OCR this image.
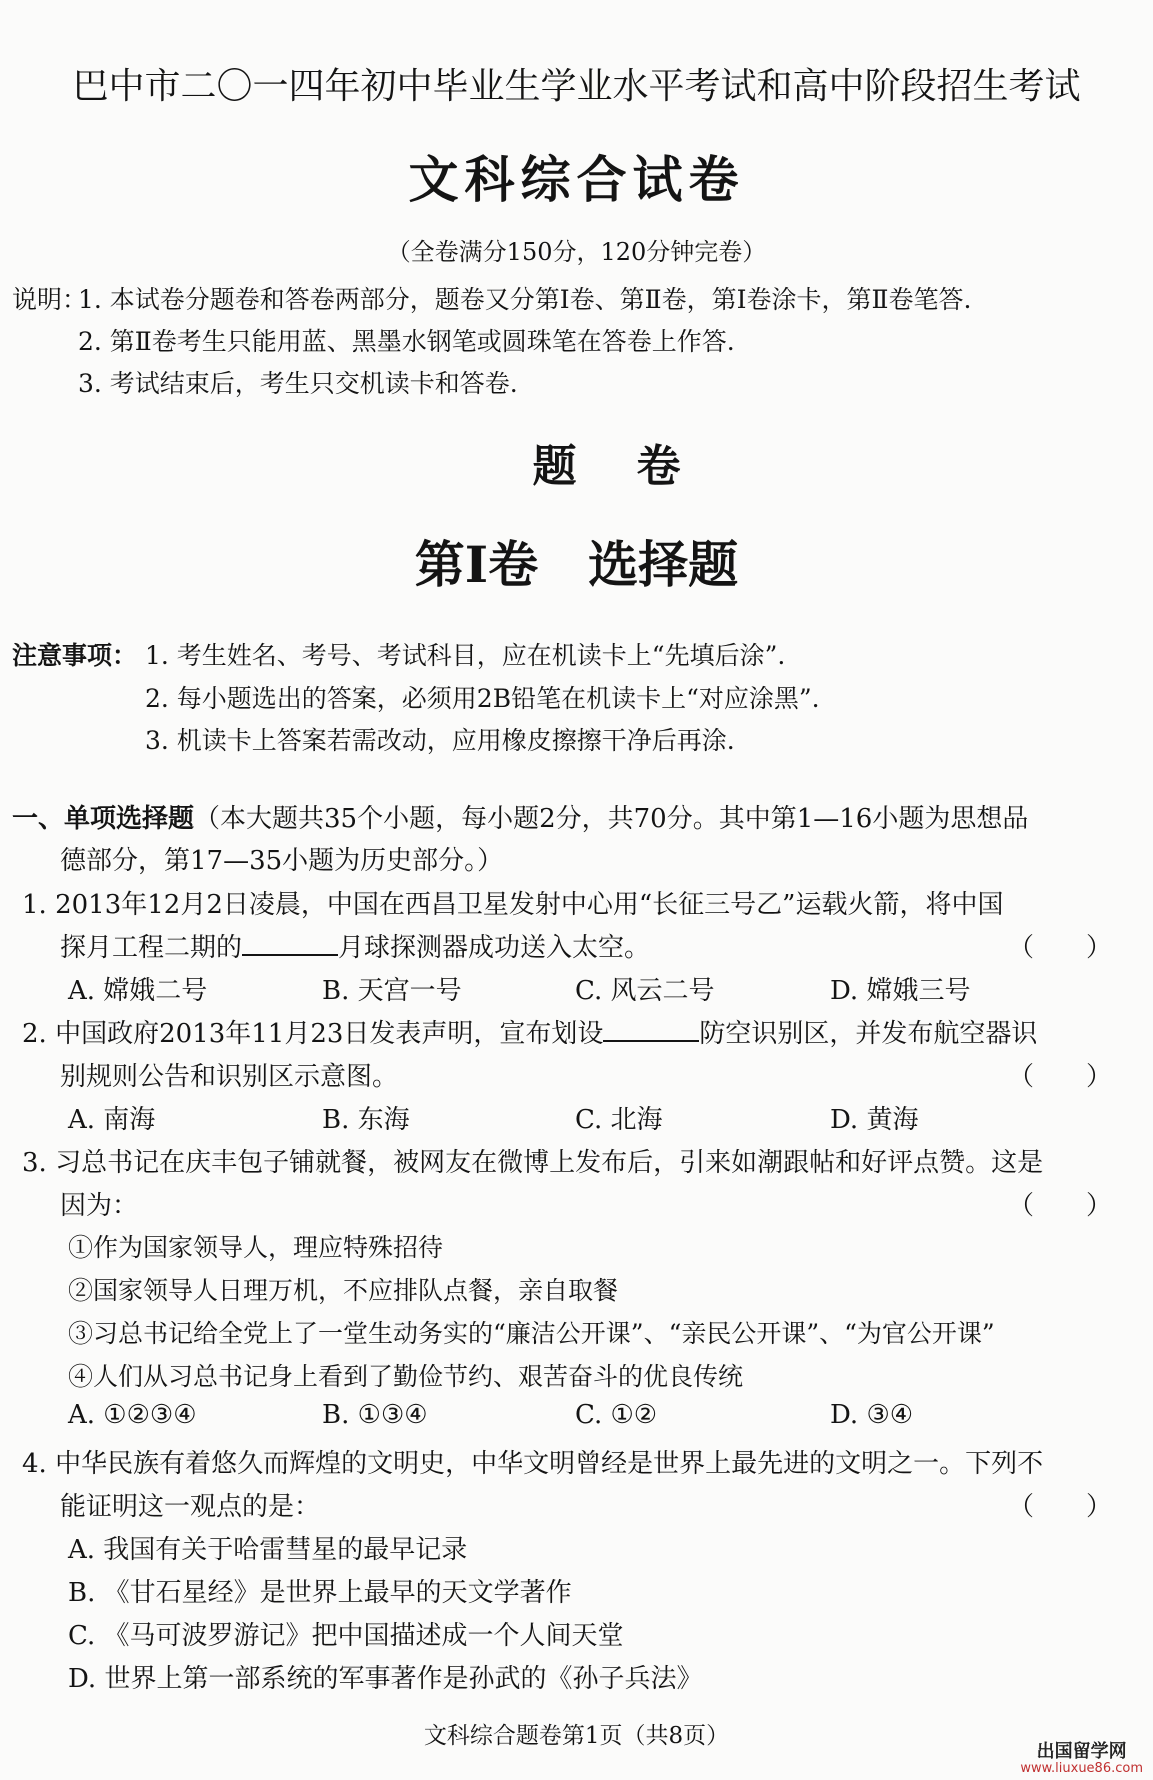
巴中市二〇一四年初中毕业生学业水平考试和高中阶段招生考试
文科综合试卷
（全卷满分150分，120分钟完卷）
说明：
1. 本试卷分题卷和答卷两部分，题卷又分第Ⅰ卷、第Ⅱ卷，第Ⅰ卷涂卡，第Ⅱ卷笔答.
2. 第Ⅱ卷考生只能用蓝、黑墨水钢笔或圆珠笔在答卷上作答.
3. 考试结束后，考生只交机读卡和答卷.
题卷
第Ⅰ卷　选择题
注意事项： 1. 考生姓名、考号、考试科目，应在机读卡上“先填后涂”.
2. 每小题选出的答案，必须用2B铅笔在机读卡上“对应涂黑”.
3. 机读卡上答案若需改动，应用橡皮擦擦干净后再涂.
一、单项选择题（本大题共35个小题，每小题2分，共70分。其中第1—16小题为思想品
德部分，第17—35小题为历史部分。）
1. 2013年12月2日凌晨，中国在西昌卫星发射中心用“长征三号乙”运载火箭，将中国
探月工程二期的	月球探测器成功送入太空。	（　　）
A. 嫦娥二号	B. 天宫一号	C. 风云二号	D. 嫦娥三号
2. 中国政府2013年11月23日发表声明，宣布划设	防空识别区，并发布航空器识
别规则公告和识别区示意图。	（　　）
A. 南海	B. 东海	C. 北海	D. 黄海
3. 习总书记在庆丰包子铺就餐，被网友在微博上发布后，引来如潮跟帖和好评点赞。这是
因为：	（　　）
①作为国家领导人，理应特殊招待
②国家领导人日理万机，不应排队点餐，亲自取餐
③习总书记给全党上了一堂生动务实的“廉洁公开课”、“亲民公开课”、“为官公开课”
④人们从习总书记身上看到了勤俭节约、艰苦奋斗的优良传统
A. ①②③④	B. ①③④	C. ①②	D. ③④
4. 中华民族有着悠久而辉煌的文明史，中华文明曾经是世界上最先进的文明之一。下列不
能证明这一观点的是：	（　　）
A. 我国有关于哈雷彗星的最早记录
B. 《甘石星经》是世界上最早的天文学著作
C. 《马可波罗游记》把中国描述成一个人间天堂
D. 世界上第一部系统的军事著作是孙武的《孙子兵法》
文科综合题卷第1页（共8页）
出国留学网
www.liuxue86.com
